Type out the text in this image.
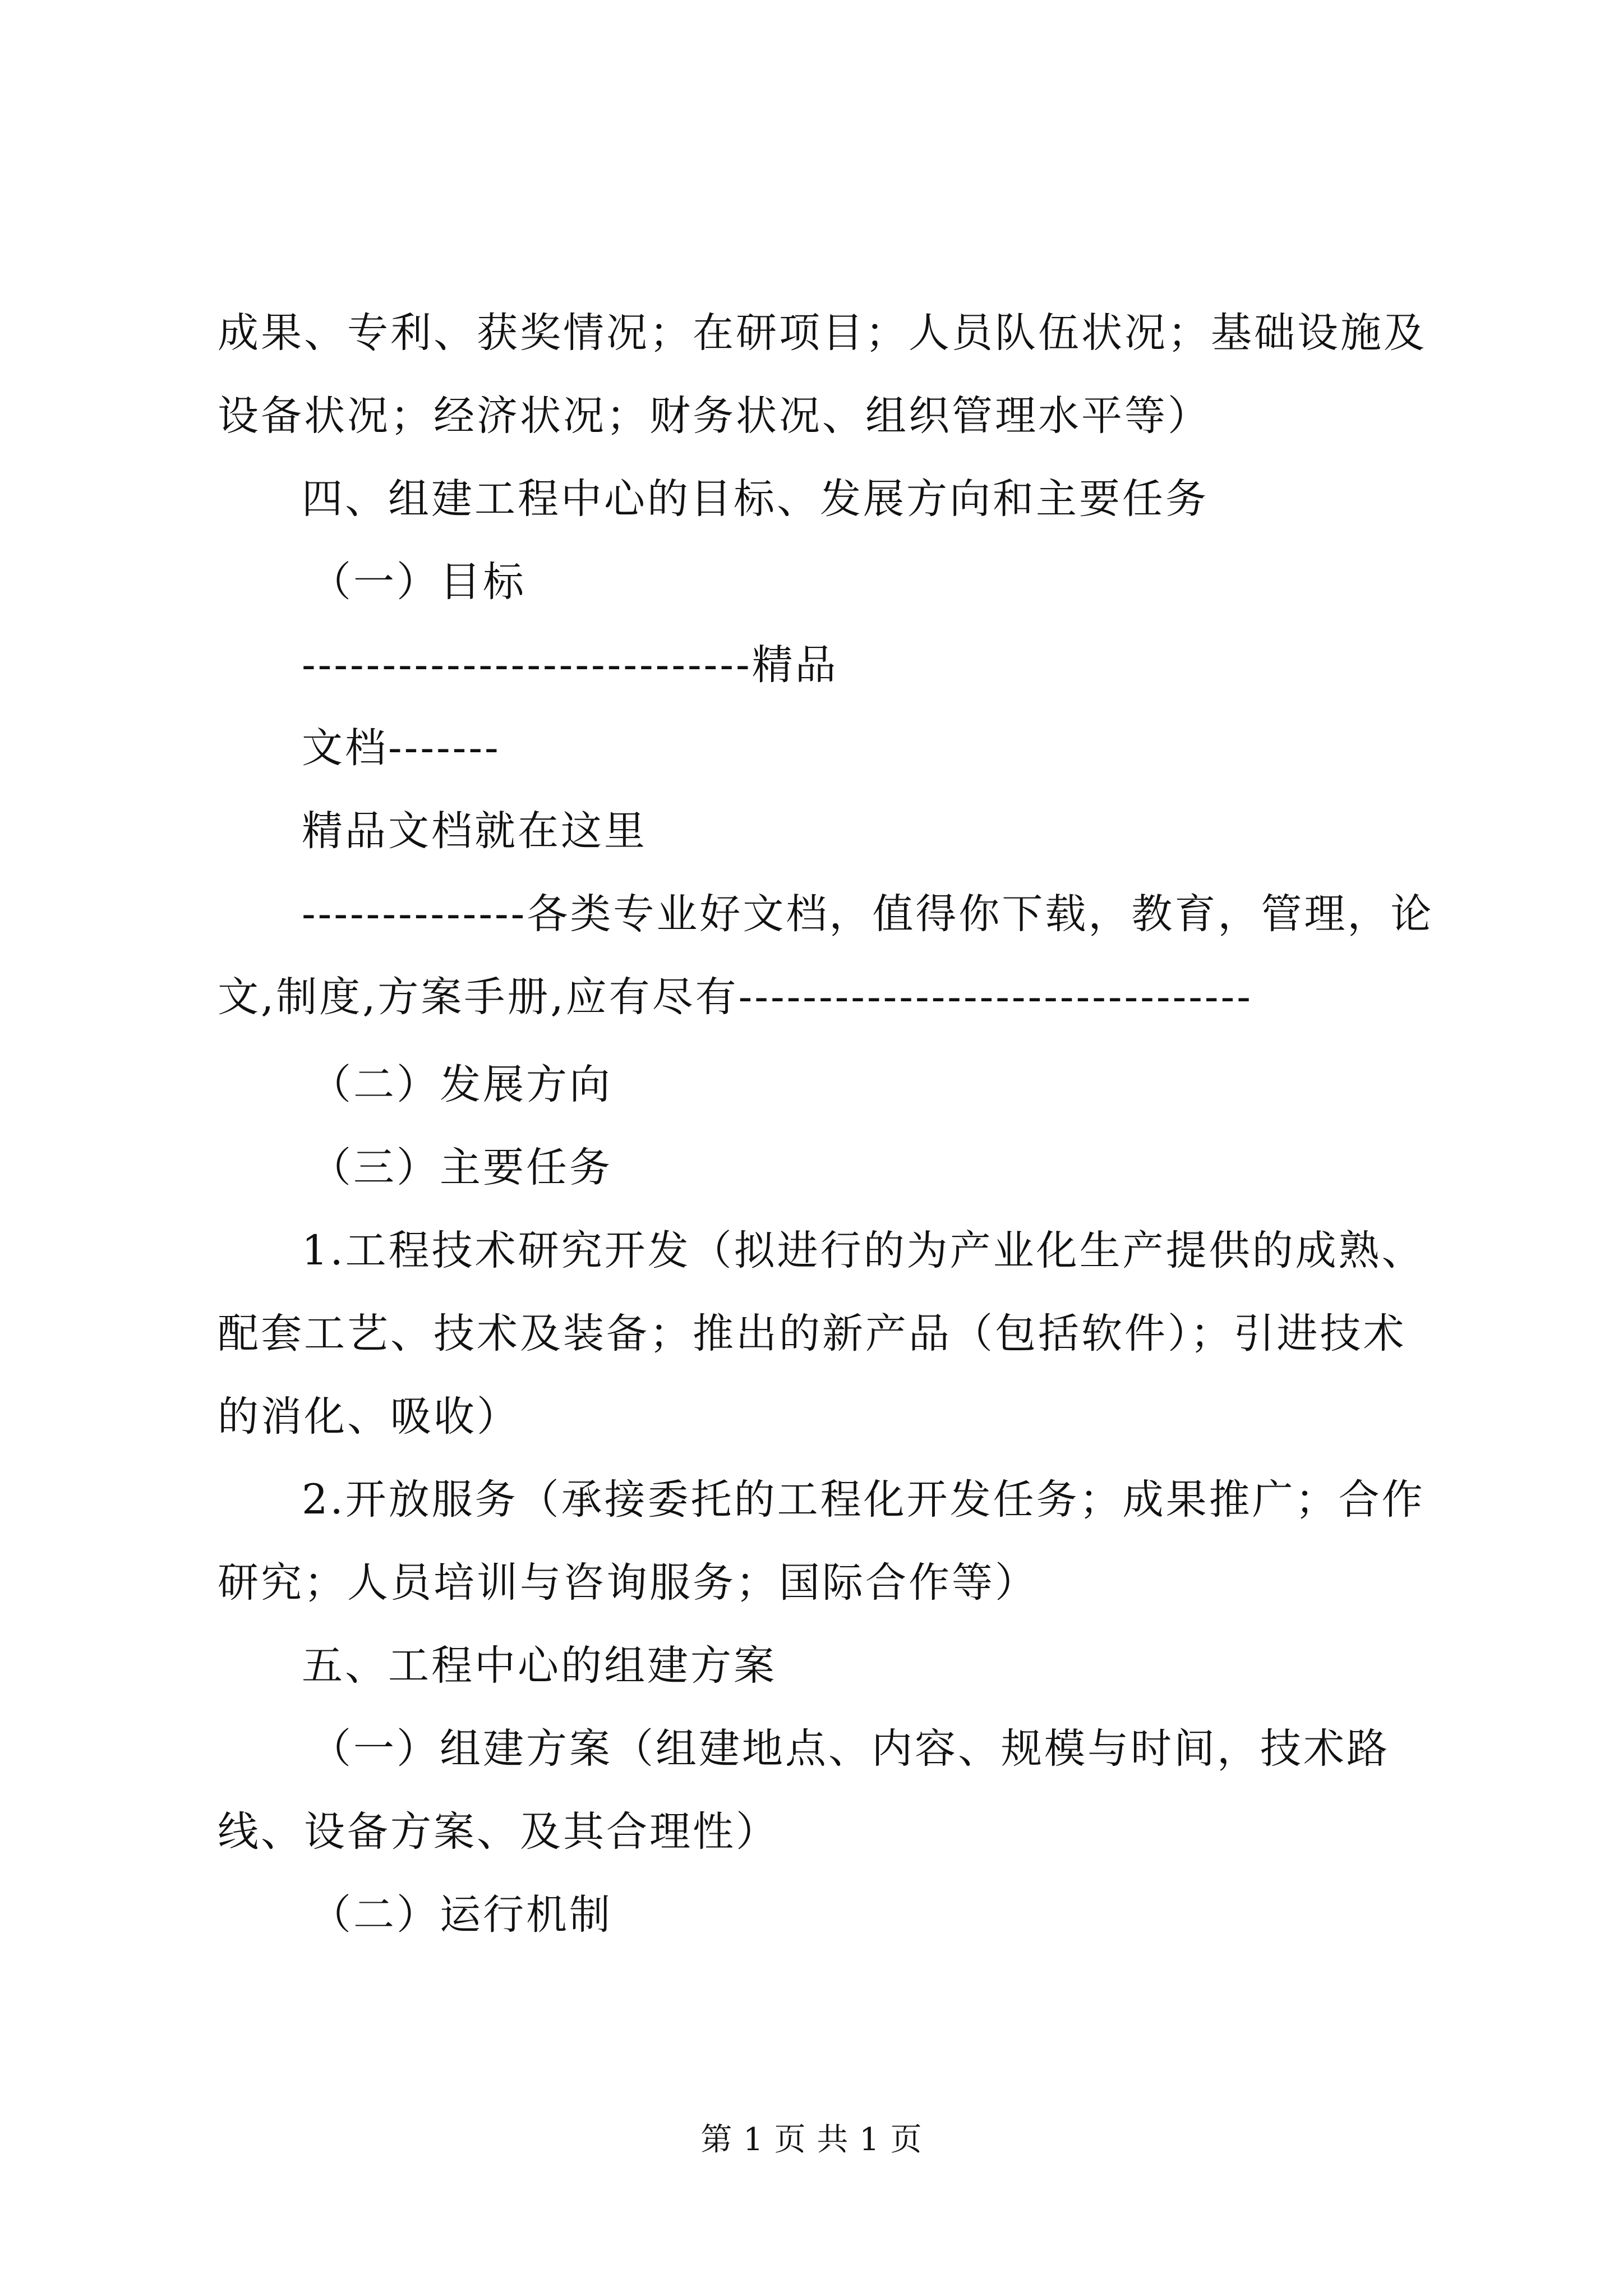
成果、专利、获奖情况；在研项目；人员队伍状况；基础设施及设备状况；经济状况；财务状况、组织管理水平等）

四、组建工程中心的目标、发展方向和主要任务

（一）目标

----------------------------精品

文档-------

精品文档就在这里

--------------各类专业好文档，值得你下载，教育，管理，论文,制度,方案手册,应有尽有--------------------------------

（二）发展方向

（三）主要任务

1.工程技术研究开发（拟进行的为产业化生产提供的成熟、配套工艺、技术及装备；推出的新产品（包括软件）；引进技术的消化、吸收）

2.开放服务（承接委托的工程化开发任务；成果推广；合作研究；人员培训与咨询服务；国际合作等）

五、工程中心的组建方案

（一）组建方案（组建地点、内容、规模与时间，技术路线、设备方案、及其合理性）

（二）运行机制

第 1 页 共 1 页
